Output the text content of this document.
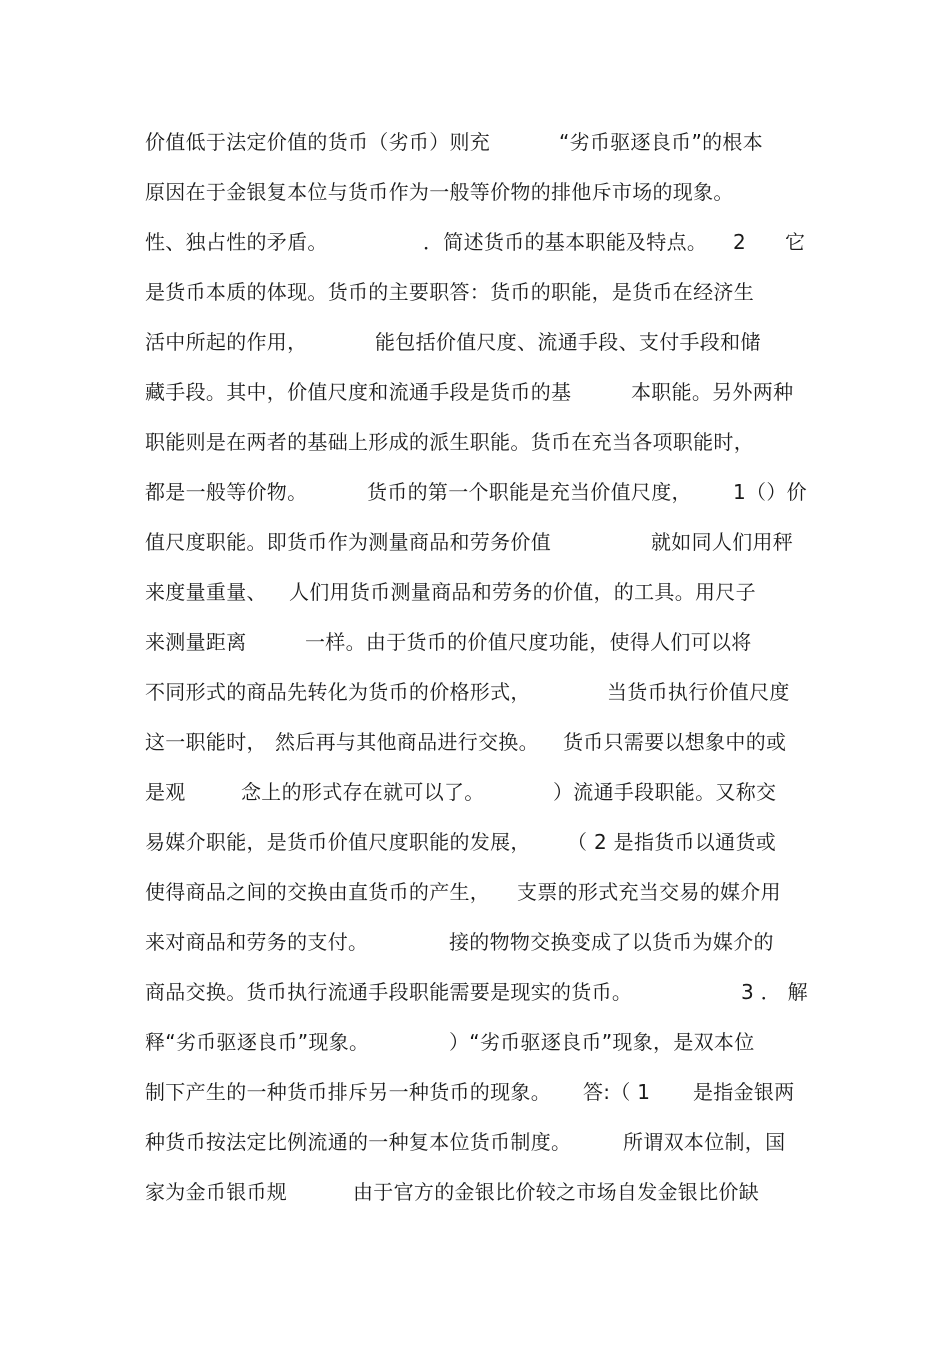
价值低于法定价值的货币（劣币）则充	“劣币驱逐良币”的根本
原因在于金银复本位与货币作为一般等价物的排他斥市场的现象。
性、独占性的矛盾。	．简述货币的基本职能及特点。 2 它
是货币本质的体现。货币的主要职答：货币的职能，是货币在经济生
活中所起的作用，	能包括价值尺度、流通手段、支付手段和储
藏手段。其中，价值尺度和流通手段是货币的基	本职能。另外两种
职能则是在两者的基础上形成的派生职能。货币在充当各项职能时，
都是一般等价物。	货币的第一个职能是充当价值尺度， 1（）价
值尺度职能。即货币作为测量商品和劳务价值	就如同人们用秤
来度量重量、 人们用货币测量商品和劳务的价值，的工具。用尺子
来测量距离	一样。由于货币的价值尺度功能，使得人们可以将
不同形式的商品先转化为货币的价格形式，	当货币执行价值尺度
这一职能时， 然后再与其他商品进行交换。 货币只需要以想象中的或
是观	念上的形式存在就可以了。	）流通手段职能。又称交
易媒介职能，是货币价值尺度职能的发展， （ 2 是指货币以通货或
使得商品之间的交换由直货币的产生， 支票的形式充当交易的媒介用
来对商品和劳务的支付。	接的物物交换变成了以货币为媒介的
商品交换。货币执行流通手段职能需要是现实的货币。	3 ． 解
释“劣币驱逐良币”现象。	）“劣币驱逐良币”现象，是双本位
制下产生的一种货币排斥另一种货币的现象。 答:（ 1 是指金银两
种货币按法定比例流通的一种复本位货币制度。	所谓双本位制，国
家为金币银币规	由于官方的金银比价较之市场自发金银比价缺
